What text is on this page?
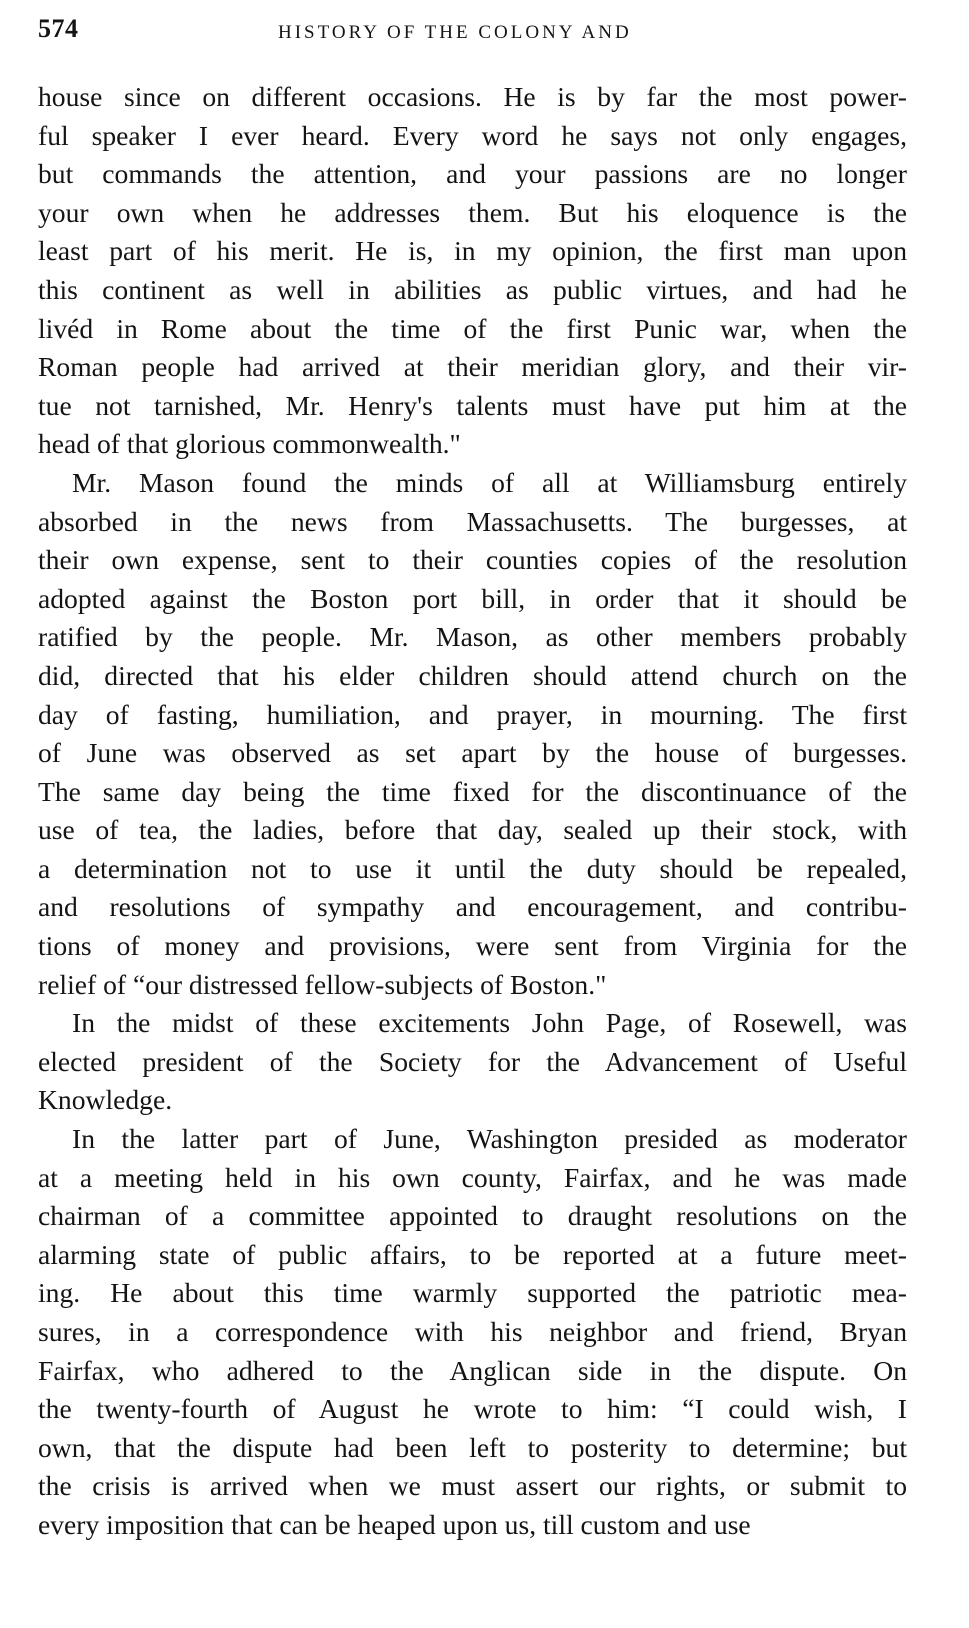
574	HISTORY OF THE COLONY AND
house since on different occasions. He is by far the most power-
ful speaker I ever heard. Every word he says not only engages,
but commands the attention, and your passions are no longer
your own when he addresses them. But his eloquence is the
least part of his merit. He is, in my opinion, the first man upon
this continent as well in abilities as public virtues, and had he
livéd in Rome about the time of the first Punic war, when the
Roman people had arrived at their meridian glory, and their vir-
tue not tarnished, Mr. Henry's talents must have put him at the
head of that glorious commonwealth."
Mr. Mason found the minds of all at Williamsburg entirely
absorbed in the news from Massachusetts. The burgesses, at
their own expense, sent to their counties copies of the resolution
adopted against the Boston port bill, in order that it should be
ratified by the people. Mr. Mason, as other members probably
did, directed that his elder children should attend church on the
day of fasting, humiliation, and prayer, in mourning. The first
of June was observed as set apart by the house of burgesses.
The same day being the time fixed for the discontinuance of the
use of tea, the ladies, before that day, sealed up their stock, with
a determination not to use it until the duty should be repealed,
and resolutions of sympathy and encouragement, and contribu-
tions of money and provisions, were sent from Virginia for the
relief of “our distressed fellow-subjects of Boston."
In the midst of these excitements John Page, of Rosewell, was
elected president of the Society for the Advancement of Useful
Knowledge.
In the latter part of June, Washington presided as moderator
at a meeting held in his own county, Fairfax, and he was made
chairman of a committee appointed to draught resolutions on the
alarming state of public affairs, to be reported at a future meet-
ing. He about this time warmly supported the patriotic mea-
sures, in a correspondence with his neighbor and friend, Bryan
Fairfax, who adhered to the Anglican side in the dispute. On
the twenty-fourth of August he wrote to him: “I could wish, I
own, that the dispute had been left to posterity to determine; but
the crisis is arrived when we must assert our rights, or submit to
every imposition that can be heaped upon us, till custom and use
